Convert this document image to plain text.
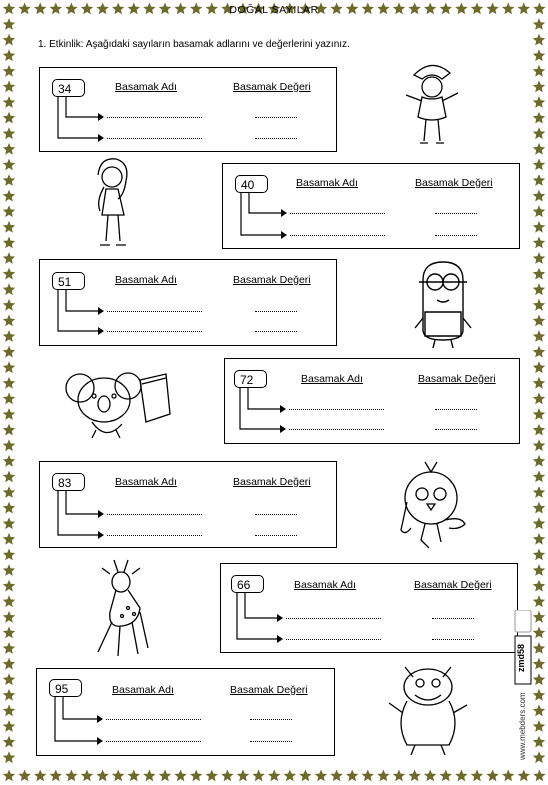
DOĞAL SAYILAR
1. Etkinlik: Aşağıdaki sayıların basamak adlarını ve değerlerini yazınız.
34	Basamak Adı	Basamak Değeri
40	Basamak Adı	Basamak Değeri
51	Basamak Adı	Basamak Değeri
72	Basamak Adı	Basamak Değeri
83	Basamak Adı	Basamak Değeri
66	Basamak Adı	Basamak Değeri
95	Basamak Adı	Basamak Değeri
zmd58
www.mebders.com
